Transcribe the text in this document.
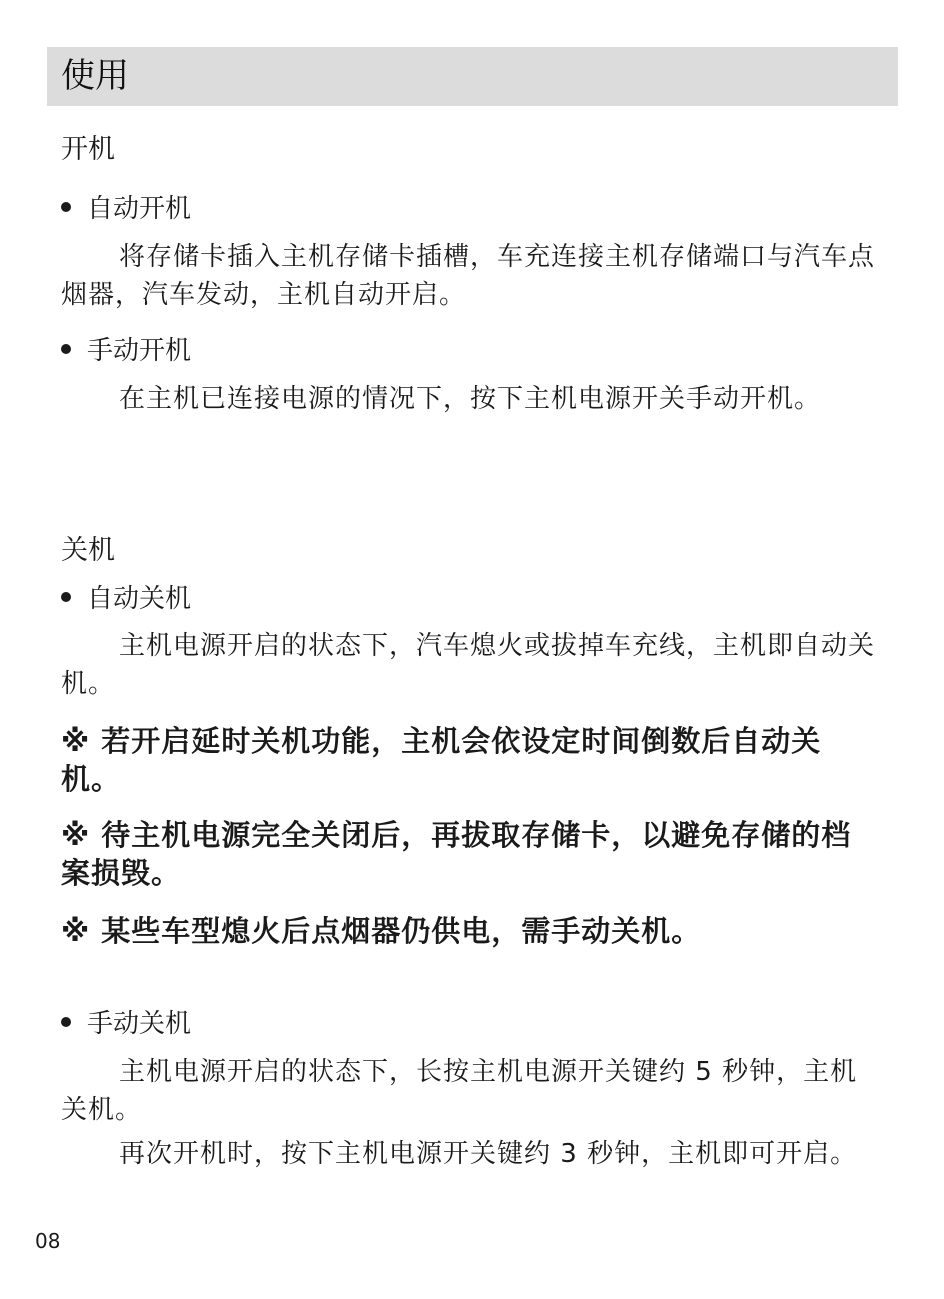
使用
开机
自动开机
将存储卡插入主机存储卡插槽，车充连接主机存储端口与汽车点烟器，汽车发动，主机自动开启。
手动开机
在主机已连接电源的情况下，按下主机电源开关手动开机。
关机
自动关机
主机电源开启的状态下，汽车熄火或拔掉车充线，主机即自动关机。
※ 若开启延时关机功能，主机会依设定时间倒数后自动关机。
※ 待主机电源完全关闭后，再拔取存储卡，以避免存储的档案损毁。
※ 某些车型熄火后点烟器仍供电，需手动关机。
手动关机
主机电源开启的状态下，长按主机电源开关键约 5 秒钟，主机关机。
再次开机时，按下主机电源开关键约 3 秒钟，主机即可开启。
08
